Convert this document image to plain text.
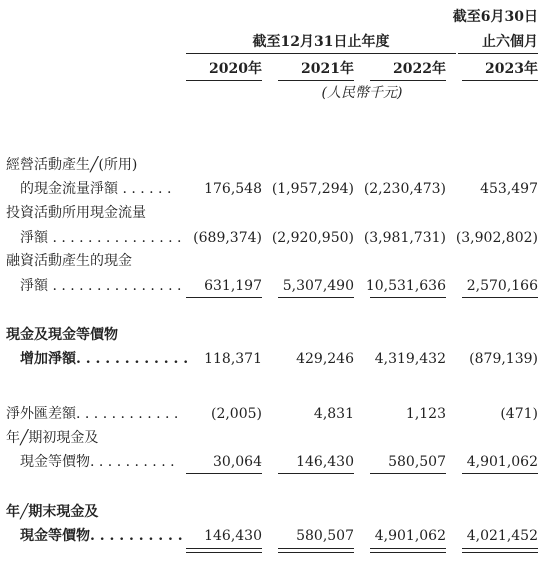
截至6月30日
截至12月31日止年度	止六個月
2020年	2021年	2022年	2023年
(人民幣千元)
經營活動產生╱(所用)
的現金流量淨額 . . . . . .	176,548 (1,957,294) (2,230,473)	453,497
投資活動所用現金流量
淨額 . . . . . . . . . . . . . . . (689,374) (2,920,950) (3,981,731) (3,902,802)
融資活動產生的現金
淨額 . . . . . . . . . . . . . . .	631,197	5,307,490 10,531,636	2,570,166
現金及現金等價物
增加淨額. . . . . . . . . . . .	118,371	429,246	4,319,432	(879,139)
淨外匯差額. . . . . . . . . . . .	(2,005)	4,831	1,123	(471)
年╱期初現金及
現金等價物. . . . . . . . . .	30,064	146,430	580,507	4,901,062
年╱期末現金及
現金等價物. . . . . . . . . .	146,430	580,507	4,901,062	4,021,452
